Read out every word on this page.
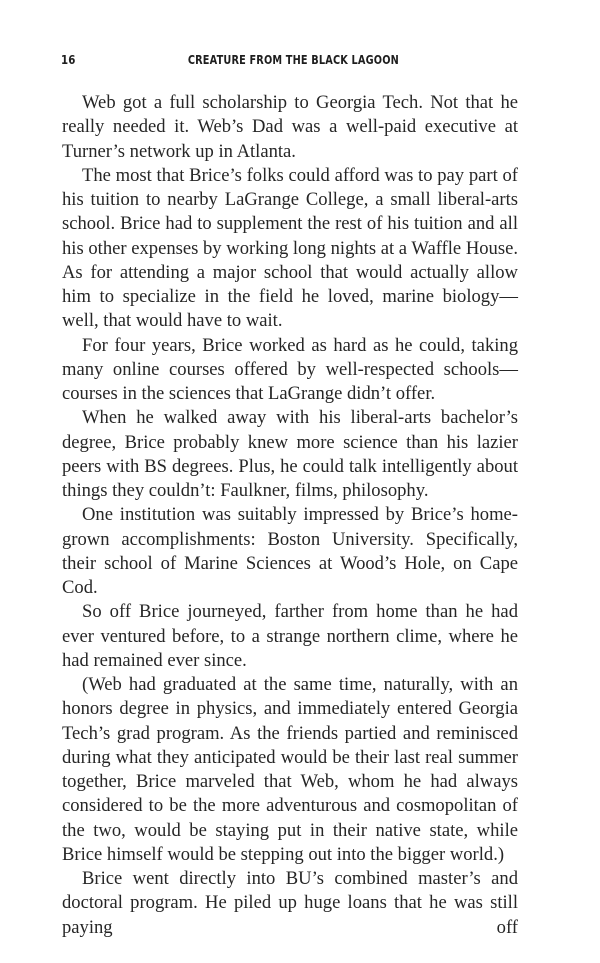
16	CREATURE FROM THE BLACK LAGOON

Web got a full scholarship to Georgia Tech. Not that he really needed it. Web’s Dad was a well-paid executive at Turner’s network up in Atlanta.

The most that Brice’s folks could afford was to pay part of his tuition to nearby LaGrange College, a small liberal-arts school. Brice had to supplement the rest of his tuition and all his other expenses by working long nights at a Waffle House. As for attending a major school that would actually allow him to specialize in the field he loved, marine biology—well, that would have to wait.

For four years, Brice worked as hard as he could, taking many online courses offered by well-respected schools—courses in the sciences that LaGrange didn’t offer.

When he walked away with his liberal-arts bachelor’s degree, Brice probably knew more science than his lazier peers with BS degrees. Plus, he could talk intelligently about things they couldn’t: Faulkner, films, philosophy.

One institution was suitably impressed by Brice’s home-grown accomplishments: Boston University. Specifically, their school of Marine Sciences at Wood’s Hole, on Cape Cod.

So off Brice journeyed, farther from home than he had ever ventured before, to a strange northern clime, where he had remained ever since.

(Web had graduated at the same time, naturally, with an honors degree in physics, and immediately entered Georgia Tech’s grad program. As the friends partied and reminisced during what they anticipated would be their last real summer together, Brice marveled that Web, whom he had always considered to be the more adventurous and cosmopolitan of the two, would be staying put in their native state, while Brice himself would be stepping out into the bigger world.)

Brice went directly into BU’s combined master’s and doctoral program. He piled up huge loans that he was still paying off
